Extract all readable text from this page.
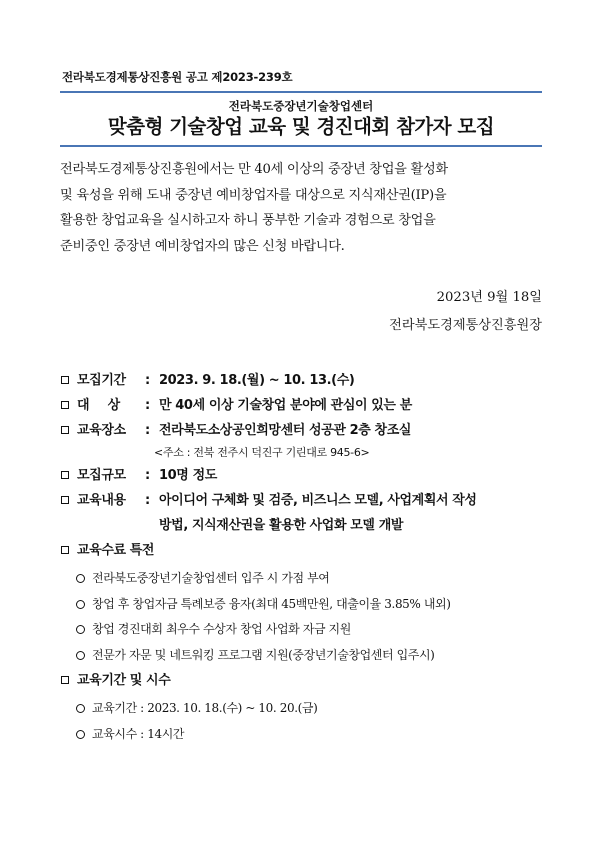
전라북도경제통상진흥원 공고 제2023-239호
전라북도중장년기술창업센터
맞춤형 기술창업 교육 및 경진대회 참가자 모집
전라북도경제통상진흥원에서는 만 40세 이상의 중장년 창업을 활성화
및 육성을 위해 도내 중장년 예비창업자를 대상으로 지식재산권(IP)을
활용한 창업교육을 실시하고자 하니 풍부한 기술과 경험으로 창업을
준비중인 중장년 예비창업자의 많은 신청 바랍니다.
2023년 9월 18일
전라북도경제통상진흥원장
모집기간 : 2023. 9. 18.(월) ~ 10. 13.(수)
대    상 : 만 40세 이상 기술창업 분야에 관심이 있는 분
교육장소 : 전라북도소상공인희망센터 성공관 2층 창조실
<주소 : 전북 전주시 덕진구 기린대로 945-6>
모집규모 : 10명 정도
교육내용 : 아이디어 구체화 및 검증, 비즈니스 모델, 사업계획서 작성
방법, 지식재산권을 활용한 사업화 모델 개발
교육수료 특전
전라북도중장년기술창업센터 입주 시 가점 부여
창업 후 창업자금 특례보증 융자(최대 45백만원, 대출이율 3.85% 내외)
창업 경진대회 최우수 수상자 창업 사업화 자금 지원
전문가 자문 및 네트워킹 프로그램 지원(중장년기술창업센터 입주시)
교육기간 및 시수
교육기간 : 2023. 10. 18.(수) ~ 10. 20.(금)
교육시수 : 14시간
